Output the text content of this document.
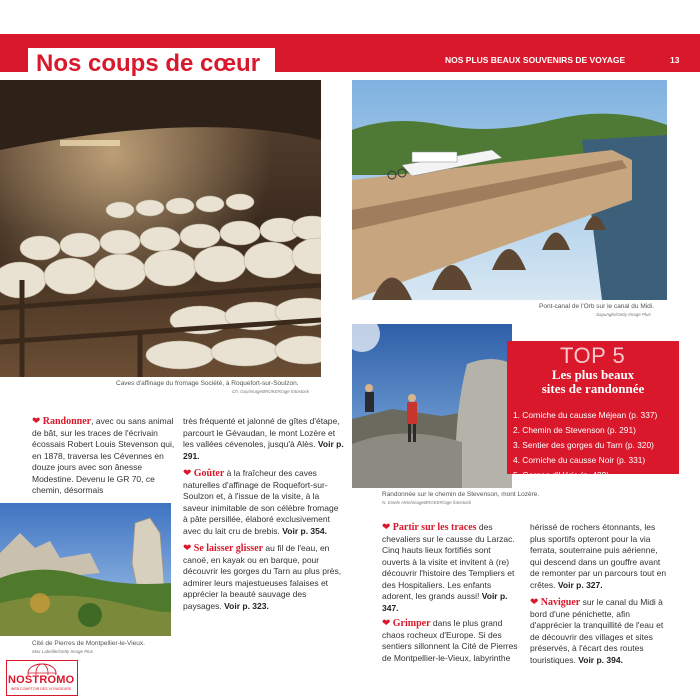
Nos coups de cœur	NOS PLUS BEAUX SOUVENIRS DE VOYAGE	13
Caves d'affinage du fromage Société, à Roquefort-sur-Soulzon.
Ch. Guy/imageBROKER/age fotostock
Pont-canal de l'Orb sur le canal du Midi.
Sapunglo/Getty Image Plus
Randonnée sur le chemin de Stevenson, mont Lozère.
N. Eisele Hein/imageBROKER/age fotostock
TOP 5
Les plus beaux
sites de randonnée
1. Corniche du causse Méjean (p. 337)
2. Chemin de Stevenson (p. 291)
3. Sentier des gorges du Tarn (p. 320)
4. Corniche du causse Noir (p. 331)
5. Gorges d'Héric (p. 429)
❤ Randonner, avec ou sans animal de bât, sur les traces de l'écrivain écossais Robert Louis Stevenson qui, en 1878, traversa les Cévennes en douze jours avec son ânesse Modestine. Devenu le GR 70, ce chemin, désormais
Cité de Pierres de Montpellier-le-Vieux.
Max Labeille/Getty Image Plus
très fréquenté et jalonné de gîtes d'étape, parcourt le Gévaudan, le mont Lozère et les vallées cévenoles, jusqu'à Alès. Voir p. 291.
❤ Goûter à la fraîcheur des caves naturelles d'affinage de Roquefort-sur-Soulzon et, à l'issue de la visite, à la saveur inimitable de son célèbre fromage à pâte persillée, élaboré exclusivement avec du lait cru de brebis. Voir p. 354.
❤ Se laisser glisser au fil de l'eau, en canoë, en kayak ou en barque, pour découvrir les gorges du Tarn au plus près, admirer leurs majestueuses falaises et apprécier la beauté sauvage des paysages. Voir p. 323.
❤ Partir sur les traces des chevaliers sur le causse du Larzac. Cinq hauts lieux fortifiés sont ouverts à la visite et invitent à (re) découvrir l'histoire des Templiers et des Hospitaliers. Les enfants adorent, les grands aussi! Voir p. 347.
❤ Grimper dans le plus grand chaos rocheux d'Europe. Si des sentiers sillonnent la Cité de Pierres de Montpellier-le-Vieux, labyrinthe
hérissé de rochers étonnants, les plus sportifs opteront pour la via ferrata, souterraine puis aérienne, qui descend dans un gouffre avant de remonter par un parcours tout en crêtes. Voir p. 327.
❤ Naviguer sur le canal du Midi à bord d'une pénichette, afin d'apprécier la tranquillité de l'eau et de découvrir des villages et sites préservés, à l'écart des routes touristiques. Voir p. 394.
NOSTROMO
WEB COMPTOIR DES VOYAGEURS
